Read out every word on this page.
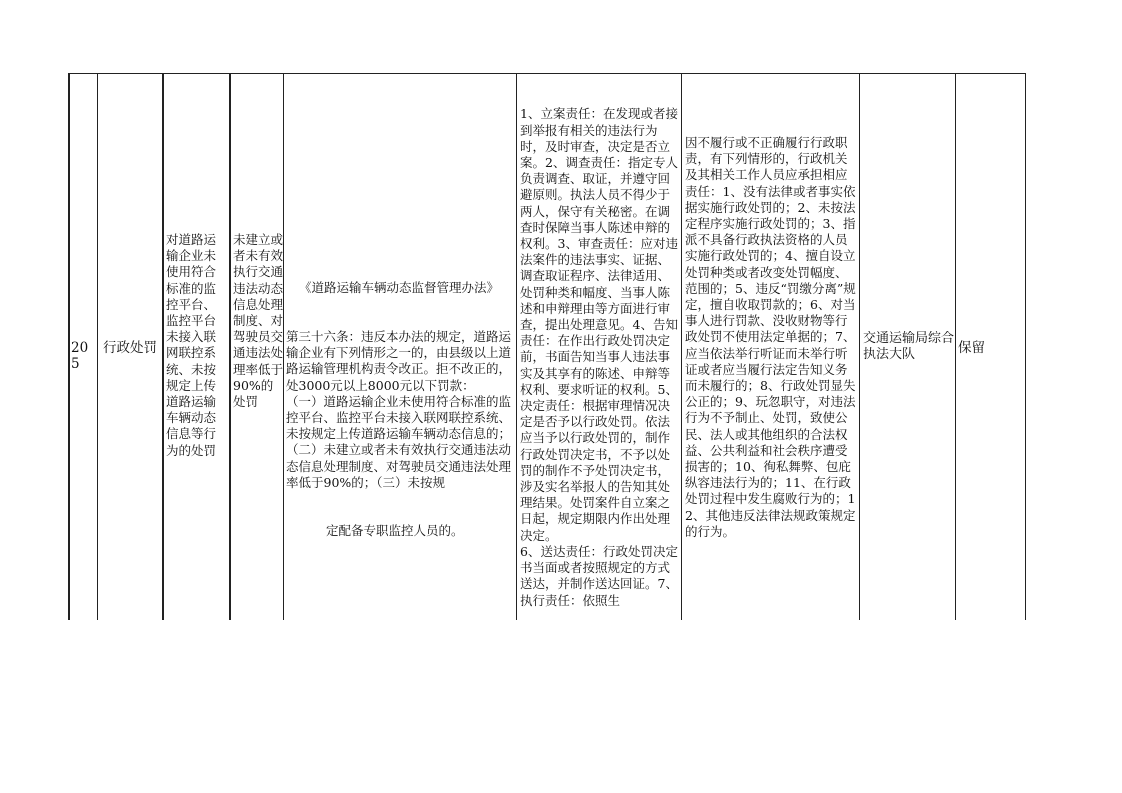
205
行政处罚
对道路运输企业未使用符合标准的监控平台、监控平台未接入联网联控系统、未按规定上传道路运输车辆动态信息等行为的处罚
未建立或者未有效执行交通违法动态信息处理制度、对驾驶员交通违法处理率低于90%的处罚

《道路运输车辆动态监督管理办法》

第三十六条：违反本办法的规定，道路运输企业有下列情形之一的，由县级以上道路运输管理机构责令改正。拒不改正的，处3000元以上8000元以下罚款：
（一）道路运输企业未使用符合标准的监控平台、监控平台未接入联网联控系统、未按规定上传道路运输车辆动态信息的；（二）未建立或者未有效执行交通违法动态信息处理制度、对驾驶员交通违法处理率低于90%的；（三）未按规

定配备专职监控人员的。

1、立案责任：在发现或者接到举报有相关的违法行为时，及时审查，决定是否立案。2、调查责任：指定专人负责调查、取证，并遵守回避原则。执法人员不得少于两人，保守有关秘密。在调查时保障当事人陈述申辩的权利。3、审查责任：应对违法案件的违法事实、证据、调查取证程序、法律适用、处罚种类和幅度、当事人陈述和申辩理由等方面进行审查，提出处理意见。4、告知责任：在作出行政处罚决定前，书面告知当事人违法事实及其享有的陈述、申辩等权利、要求听证的权利。5、决定责任：根据审理情况决定是否予以行政处罚。依法应当予以行政处罚的，制作行政处罚决定书，不予以处罚的制作不予处罚决定书，涉及实名举报人的告知其处理结果。处罚案件自立案之日起，规定期限内作出处理决定。
6、送达责任：行政处罚决定书当面或者按照规定的方式送达，并制作送达回证。7、执行责任：依照生

因不履行或不正确履行行政职责，有下列情形的，行政机关及其相关工作人员应承担相应责任：1、没有法律或者事实依据实施行政处罚的；2、未按法定程序实施行政处罚的；3、指派不具备行政执法资格的人员实施行政处罚的；4、擅自设立处罚种类或者改变处罚幅度、范围的；5、违反“罚缴分离”规定，擅自收取罚款的；6、对当事人进行罚款、没收财物等行政处罚不使用法定单据的；7、应当依法举行听证而未举行听证或者应当履行法定告知义务而未履行的；8、行政处罚显失公正的；9、玩忽职守，对违法行为不予制止、处罚，致使公民、法人或其他组织的合法权益、公共利益和社会秩序遭受损害的；10、徇私舞弊、包庇纵容违法行为的；11、在行政处罚过程中发生腐败行为的；12、其他违反法律法规政策规定的行为。
交通运输局综合执法大队	保留
